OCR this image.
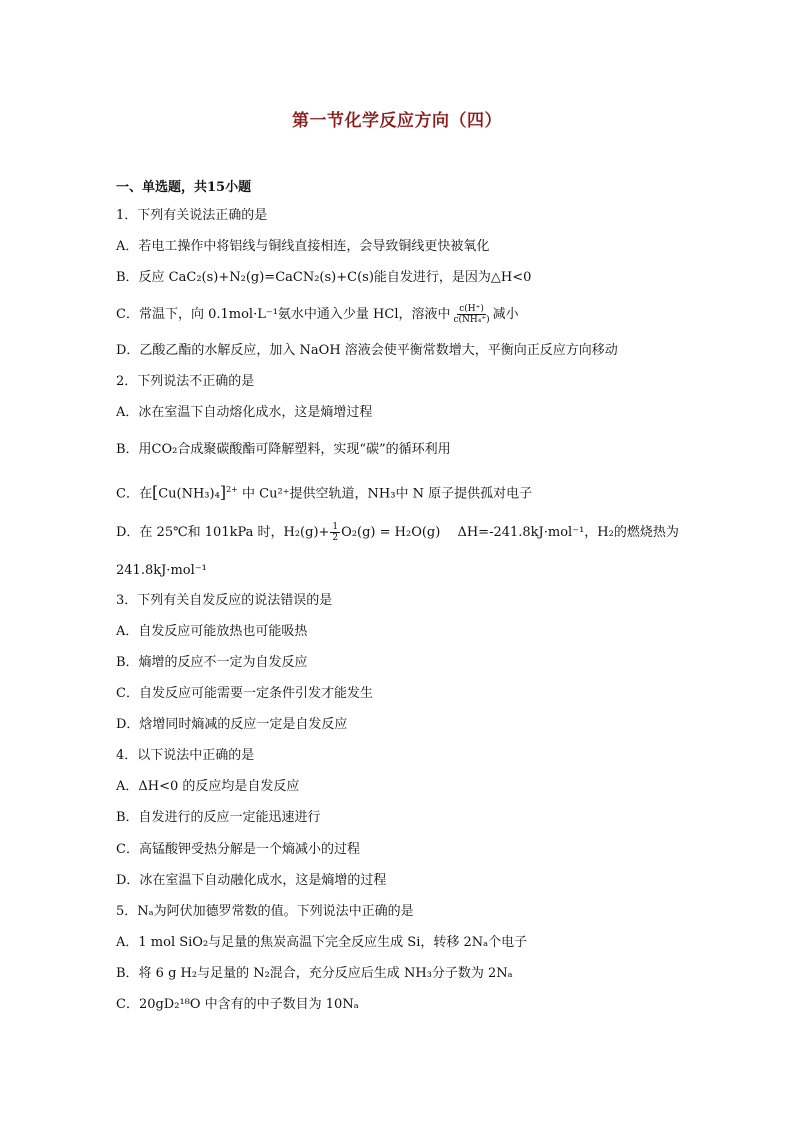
第一节化学反应方向（四）
一、单选题，共15小题
1．下列有关说法正确的是
A．若电工操作中将铝线与铜线直接相连，会导致铜线更快被氧化
B．反应 CaC₂(s)+N₂(g)=CaCN₂(s)+C(s)能自发进行，是因为△H<0
C．常温下，向 0.1mol·L⁻¹氨水中通入少量 HCl，溶液中 $\frac{c(H^+)}{\text{c(NH₄⁺)}}$ 减小
D．乙酸乙酯的水解反应，加入 NaOH 溶液会使平衡常数增大，平衡向正反应方向移动
2．下列说法不正确的是
A．冰在室温下自动熔化成水，这是熵增过程
B．用CO₂合成聚碳酸酯可降解塑料，实现“碳”的循环利用
C．在$[Cu(NH_3)_4]^{2+}$ 中 Cu²⁺提供空轨道，NH₃中 N 原子提供孤对电子
D．在 25℃和 101kPa 时，$H_2(g)+ \frac{1}{2} O_2(g) = H_2O(g)$　 ΔH=-241.8kJ·mol⁻¹，H₂的燃烧热为
241.8kJ·mol⁻¹
3．下列有关自发反应的说法错误的是
A．自发反应可能放热也可能吸热
B．熵增的反应不一定为自发反应
C．自发反应可能需要一定条件引发才能发生
D．焓增同时熵减的反应一定是自发反应
4．以下说法中正确的是
A．ΔH<0 的反应均是自发反应
B．自发进行的反应一定能迅速进行
C．高锰酸钾受热分解是一个熵减小的过程
D．冰在室温下自动融化成水，这是熵增的过程
5．Nₐ为阿伏加德罗常数的值。下列说法中正确的是
A．1 mol SiO₂与足量的焦炭高温下完全反应生成 Si，转移 2Nₐ个电子
B．将 6 g H₂与足量的 N₂混合，充分反应后生成 NH₃分子数为 2Nₐ
C．20gD₂¹⁸O 中含有的中子数目为 10Nₐ
